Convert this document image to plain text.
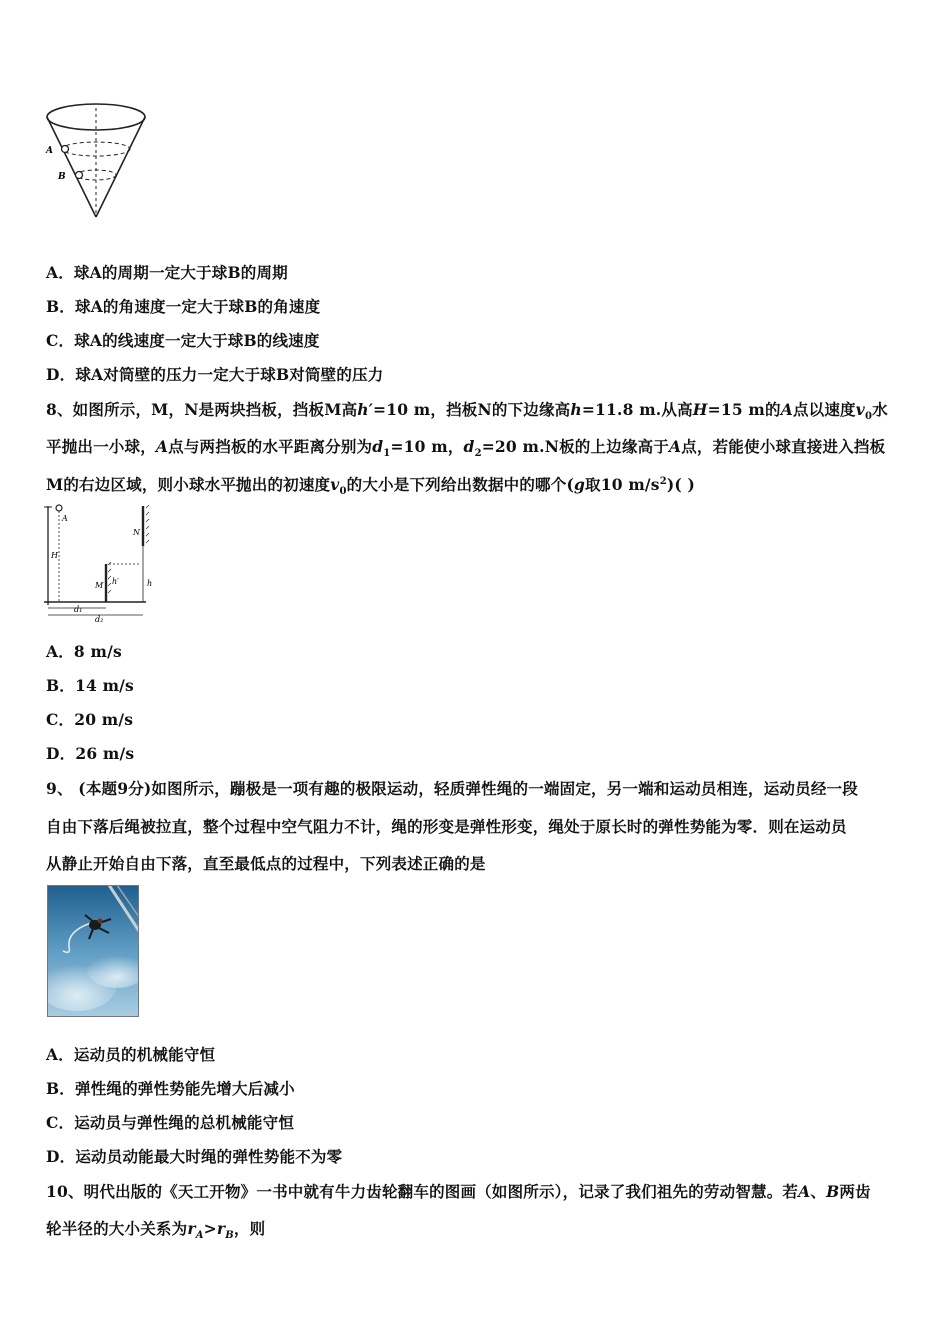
A
B
A．球A的周期一定大于球B的周期
B．球A的角速度一定大于球B的角速度
C．球A的线速度一定大于球B的线速度
D．球A对筒壁的压力一定大于球B对筒壁的压力
8、如图所示，M，N是两块挡板，挡板M高h′=10 m，挡板N的下边缘高h=11.8 m.从高H=15 m的A点以速度$v_0$水
平抛出一小球，A点与两挡板的水平距离分别为$d_1=10$ m，$d_2=20$ m.N板的上边缘高于A点，若能使小球直接进入挡板
M的右边区域，则小球水平抛出的初速度$v_0$的大小是下列给出数据中的哪个(g取10 $m/s^2$)( )
A
H
M h′
N
h
d₁
d₂
A．8 m/s
B．14 m/s
C．20 m/s
D．26 m/s
9、 (本题9分)如图所示，蹦极是一项有趣的极限运动，轻质弹性绳的一端固定，另一端和运动员相连，运动员经一段
自由下落后绳被拉直，整个过程中空气阻力不计，绳的形变是弹性形变，绳处于原长时的弹性势能为零．则在运动员
从静止开始自由下落，直至最低点的过程中，下列表述正确的是
A．运动员的机械能守恒
B．弹性绳的弹性势能先增大后减小
C．运动员与弹性绳的总机械能守恒
D．运动员动能最大时绳的弹性势能不为零
10、明代出版的《天工开物》一书中就有牛力齿轮翻车的图画（如图所示），记录了我们祖先的劳动智慧。若A、B两齿
轮半径的大小关系为$r_A>r_B$，则
